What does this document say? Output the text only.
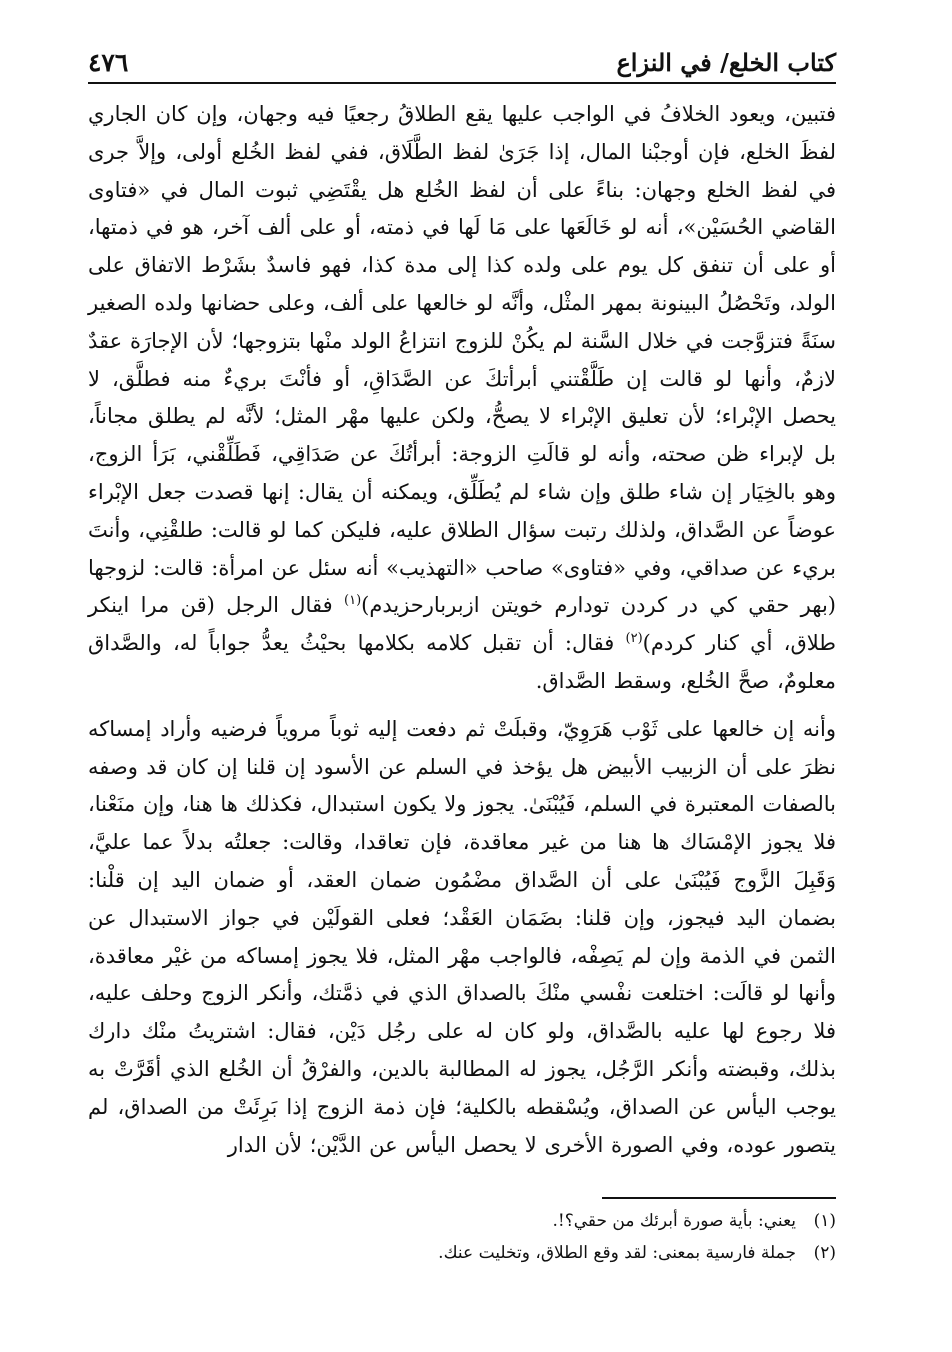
٤٧٦	كتاب الخلع/ في النزاع

فتبين، ويعود الخلافُ في الواجب عليها يقع الطلاقُ رجعيًا فيه وجهان، وإن كان الجاري لفظَ الخلع، فإن أوجبْنا المال، إذا جَرَىٰ لفظ الطَّلَاق، ففي لفظ الخُلع أولى، وإلاَّ جرى في لفظ الخلع وجهان: بناءً على أن لفظ الخُلع هل يقْتَضِي ثبوت المال في «فتاوى القاضي الحُسَيْن»، أنه لو خَالَعَها على مَا لَها في ذمته، أو على ألف آخر، هو في ذمتها، أو على أن تنفق كل يوم على ولده كذا إلى مدة كذا، فهو فاسدٌ بشَرْط الاتفاق على الولد، وتَحْصُلُ البينونة بمهر المثْل، وأنَّه لو خالعها على ألف، وعلى حضانها ولده الصغير سنَةً فتزوَّجت في خلال السَّنة لم يكُنْ للزوج انتزاعُ الولد منْها بتزوجها؛ لأن الإجارَة عقدٌ لازمٌ، وأنها لو قالت إن طَلَّقْتني أبرأتكَ عن الصَّدَاقِ، أو فأنْتَ بريءٌ منه فطلَّق، لا يحصل الإبْراء؛ لأن تعليق الإبْراء لا يصحُّ، ولكن عليها مهْر المثل؛ لأنَّه لم يطلق مجاناً، بل لإبراء ظن صحته، وأنه لو قالَتِ الزوجة: أبرأتُكَ عن صَدَاقِي، فَطَلِّقْني، بَرَأ الزوج، وهو بالخِيَار إن شاء طلق وإن شاء لم يُطَلِّق، ويمكنه أن يقال: إنها قصدت جعل الإبْراء عوضاً عن الصَّداق، ولذلك رتبت سؤال الطلاق عليه، فليكن كما لو قالت: طلقْنِي، وأنتَ بريء عن صداقي، وفي «فتاوى» صاحب «التهذيب» أنه سئل عن امرأة: قالت: لزوجها (بهر حقي كي در كردن تودارم خويتن ازبربارحزيدم)$^{(١)}$ فقال الرجل (قن مرا اينكر طلاق، أي كنار كردم)$^{(٢)}$ فقال: أن تقبل كلامه بكلامها بحيْثُ يعدُّ جواباً له، والصَّداق معلومٌ، صحَّ الخُلع، وسقط الصَّداق.

وأنه إن خالعها على ثَوْب هَرَوِيّ، وقبلَتْ ثم دفعت إليه ثوباً مروياً فرضيه وأراد إمساكه نظرَ على أن الزبيب الأبيض هل يؤخذ في السلم عن الأسود إن قلنا إن كان قد وصفه بالصفات المعتبرة في السلم، فَيُبْنَىٰ. يجوز ولا يكون استبدال، فكذلك ها هنا، وإن منَعْنا، فلا يجوز الإمْسَاك ها هنا من غير معاقدة، فإن تعاقدا، وقالت: جعلتُه بدلاً عما عليَّ، وَقَبِلَ الزَّوج فَيُبْنَىٰ على أن الصَّداق مضْمُون ضمان العقد، أو ضمان اليد إن قلْنا: بضمان اليد فيجوز، وإن قلنا: بضَمَان العَقْد؛ فعلى القولَيْن في جواز الاستبدال عن الثمن في الذمة وإن لم يَصِفْه، فالواجب مهْر المثل، فلا يجوز إمساكه من غيْر معاقدة، وأنها لو قالَت: اختلعت نفْسي منْكَ بالصداق الذي في ذمَّتك، وأنكر الزوج وحلف عليه، فلا رجوع لها عليه بالصَّداق، ولو كان له على رجُل دَيْن، فقال: اشتريتُ منْك دارك بذلك، وقبضته وأنكر الرَّجُل، يجوز له المطالبة بالدين، والفرْقُ أن الخُلع الذي أقَرَّتْ به يوجب اليأس عن الصداق، ويُسْقطه بالكلية؛ فإن ذمة الزوج إذا بَرِئَتْ من الصداق، لم يتصور عوده، وفي الصورة الأخرى لا يحصل اليأس عن الدَّيْن؛ لأن الدار

(١)يعني: بأية صورة أبرئك من حقي؟!.
(٢)جملة فارسية بمعنى: لقد وقع الطلاق، وتخليت عنك.
